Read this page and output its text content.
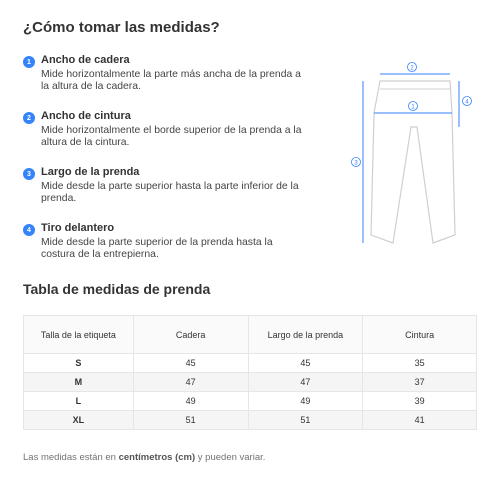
¿Cómo tomar las medidas?
1 Ancho de cadera

Mide horizontalmente la parte más ancha de la prenda a la altura de la cadera.

2 Ancho de cintura

Mide horizontalmente el borde superior de la prenda a la altura de la cintura.

3 Largo de la prenda

Mide desde la parte superior hasta la parte inferior de la prenda.

4 Tiro delantero

Mide desde la parte superior de la prenda hasta la costura de la entrepierna.

2
1
3
4
Tabla de medidas de prenda
Talla de la etiqueta	Cadera	Largo de la prenda	Cintura
S	45	45	35
M	47	47	37
L	49	49	39
XL	51	51	41

Las medidas están en centímetros (cm) y pueden variar.
